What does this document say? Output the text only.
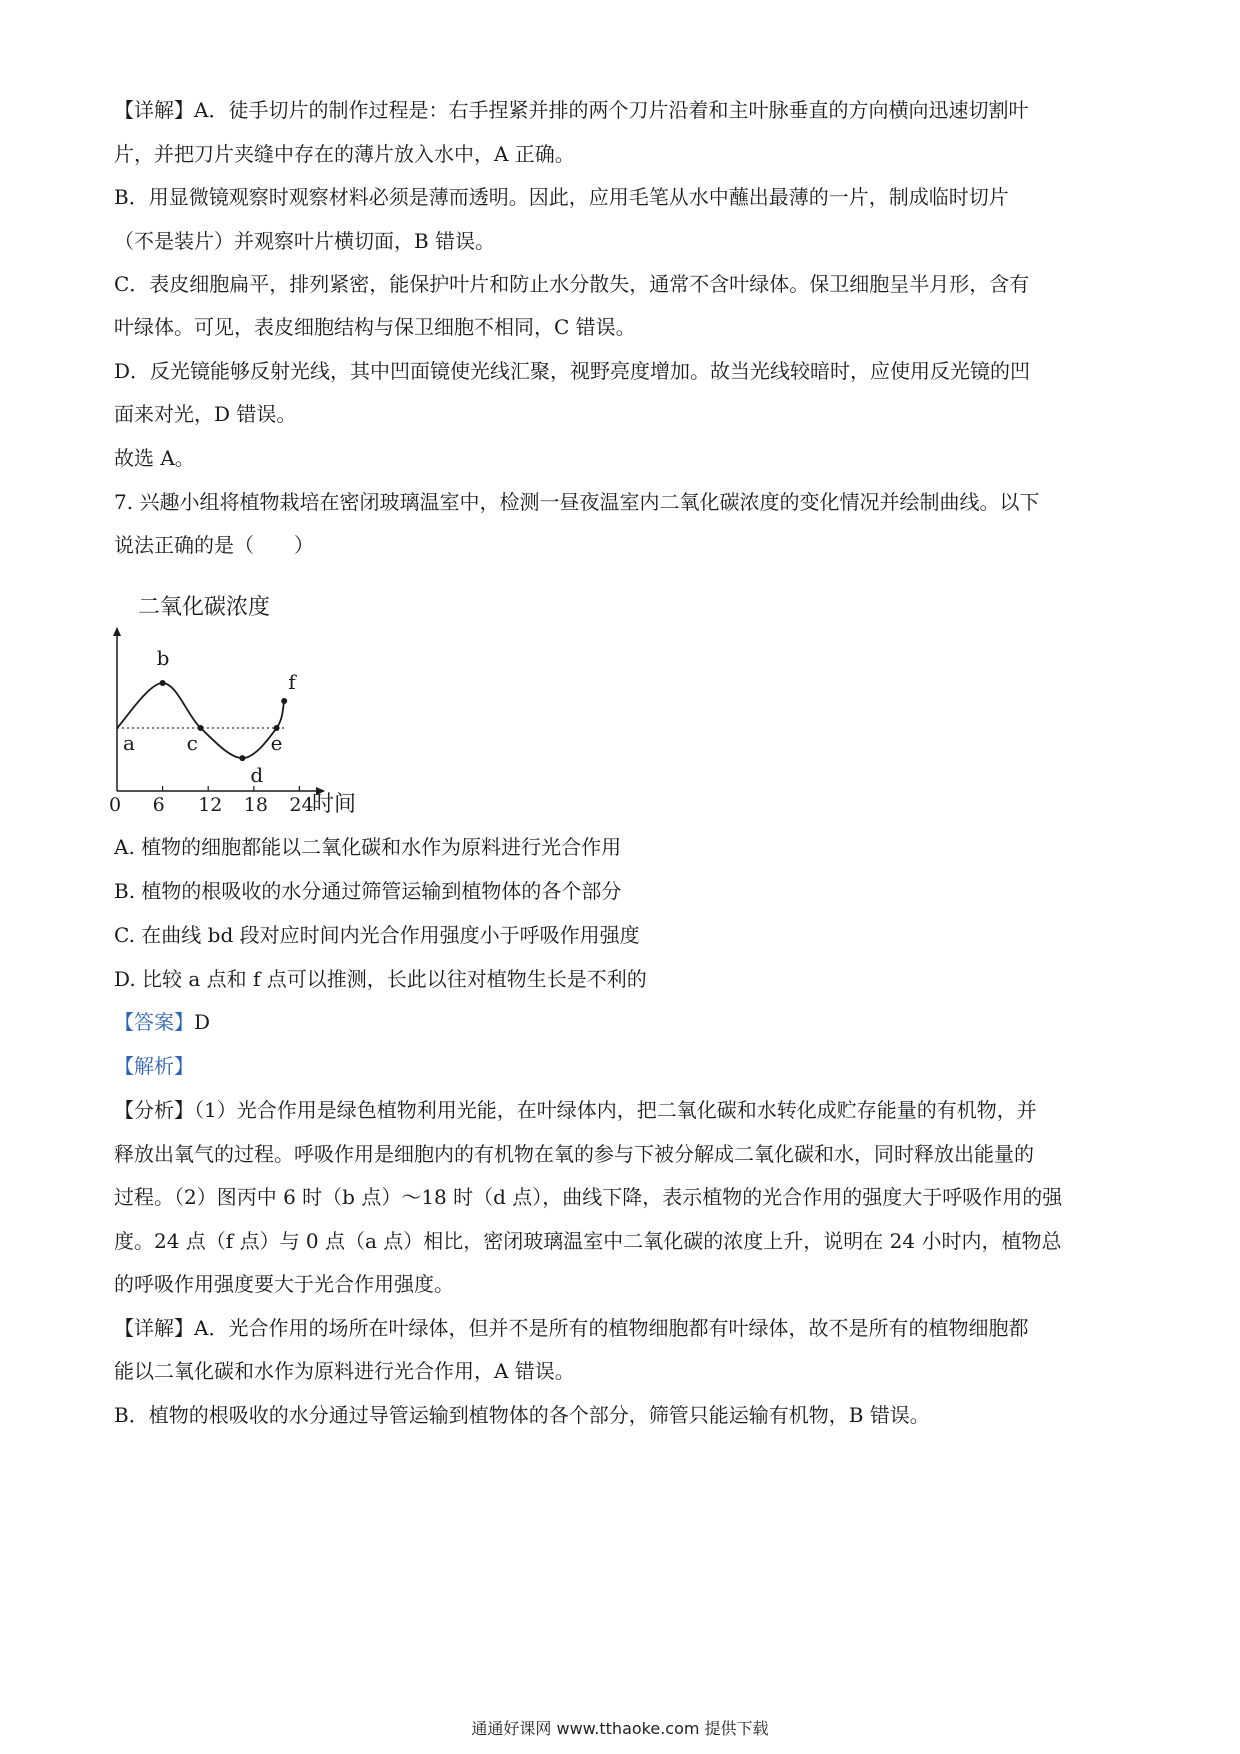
【详解】A．徒手切片的制作过程是：右手捏紧并排的两个刀片沿着和主叶脉垂直的方向横向迅速切割叶
片，并把刀片夹缝中存在的薄片放入水中，A 正确。
B．用显微镜观察时观察材料必须是薄而透明。因此，应用毛笔从水中蘸出最薄的一片，制成临时切片
（不是装片）并观察叶片横切面，B 错误。
C．表皮细胞扁平，排列紧密，能保护叶片和防止水分散失，通常不含叶绿体。保卫细胞呈半月形，含有
叶绿体。可见，表皮细胞结构与保卫细胞不相同，C 错误。
D．反光镜能够反射光线，其中凹面镜使光线汇聚，视野亮度增加。故当光线较暗时，应使用反光镜的凹
面来对光，D 错误。
故选 A。
7. 兴趣小组将植物栽培在密闭玻璃温室中，检测一昼夜温室内二氧化碳浓度的变化情况并绘制曲线。以下
说法正确的是（　　）
二氧化碳浓度
0 6 12 18 24
a
b
c
d
e
f
时间
A. 植物的细胞都能以二氧化碳和水作为原料进行光合作用
B. 植物的根吸收的水分通过筛管运输到植物体的各个部分
C. 在曲线 bd 段对应时间内光合作用强度小于呼吸作用强度
D. 比较 a 点和 f 点可以推测，长此以往对植物生长是不利的
【答案】D
【解析】
【分析】（1）光合作用是绿色植物利用光能，在叶绿体内，把二氧化碳和水转化成贮存能量的有机物，并
释放出氧气的过程。呼吸作用是细胞内的有机物在氧的参与下被分解成二氧化碳和水，同时释放出能量的
过程。（2）图丙中 6 时（b 点）～18 时（d 点），曲线下降，表示植物的光合作用的强度大于呼吸作用的强
度。24 点（f 点）与 0 点（a 点）相比，密闭玻璃温室中二氧化碳的浓度上升，说明在 24 小时内，植物总
的呼吸作用强度要大于光合作用强度。
【详解】A．光合作用的场所在叶绿体，但并不是所有的植物细胞都有叶绿体，故不是所有的植物细胞都
能以二氧化碳和水作为原料进行光合作用，A 错误。
B．植物的根吸收的水分通过导管运输到植物体的各个部分，筛管只能运输有机物，B 错误。
通通好课网 www.tthaoke.com 提供下载
